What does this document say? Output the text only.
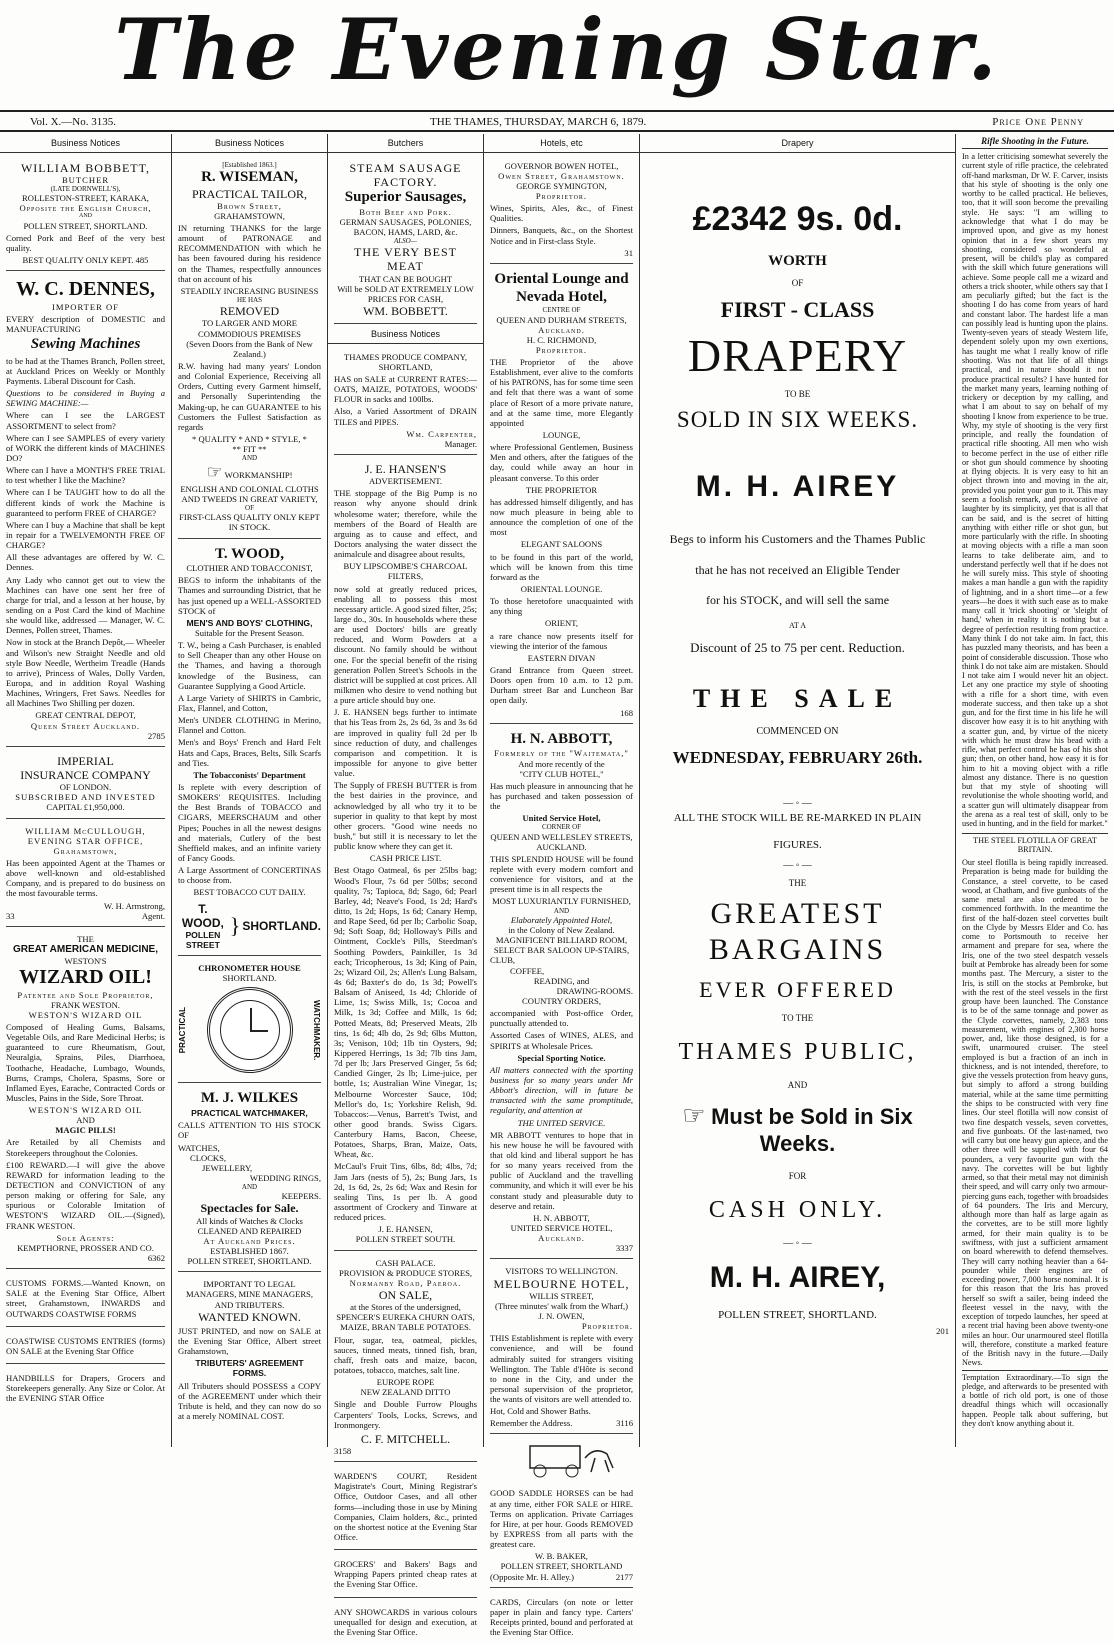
The Evening Star.
Vol. X.—No. 3135.	THE THAMES, THURSDAY, MARCH 6, 1879.	Price One Penny
Business Notices
WILLIAM BOBBETT,
BUTCHER
(LATE DORNWELL'S),
ROLLESTON-STREET, KARAKA,
Opposite the English Church,
AND
POLLEN STREET, SHORTLAND.

Corned Pork and Beef of the very best quality.

BEST QUALITY ONLY KEPT. 485
W. C. DENNES,
IMPORTER OF

EVERY description of DOMESTIC and MANUFACTURING

Sewing Machines

to be had at the Thames Branch, Pollen street, at Auckland Prices on Weekly or Monthly Payments. Liberal Discount for Cash.

Questions to be considered in Buying a SEWING MACHINE:—

Where can I see the LARGEST ASSORTMENT to select from?

Where can I see SAMPLES of every variety of WORK the different kinds of MACHINES DO?

Where can I have a MONTH'S FREE TRIAL to test whether I like the Machine?

Where can I be TAUGHT how to do all the different kinds of work the Machine is guaranteed to perform FREE of CHARGE?

Where can I buy a Machine that shall be kept in repair for a TWELVEMONTH FREE OF CHARGE?

All these advantages are offered by W. C. Dennes.

Any Lady who cannot get out to view the Machines can have one sent her free of charge for trial, and a lesson at her house, by sending on a Post Card the kind of Machine she would like, addressed — Manager, W. C. Dennes, Pollen street, Thames.

Now in stock at the Branch Depôt,— Wheeler and Wilson's new Straight Needle and old style Bow Needle, Wertheim Treadle (Hands to arrive), Princess of Wales, Dolly Varden, Europa, and in addition Royal Washing Machines, Wringers, Fret Saws. Needles for all Machines Two Shilling per dozen.

GREAT CENTRAL DEPOT,
Queen Street Auckland.
2785
IMPERIAL
INSURANCE COMPANY
OF LONDON.
SUBSCRIBED AND INVESTED
CAPITAL £1,950,000.
WILLIAM McCULLOUGH,
EVENING STAR OFFICE,
Grahamstown,

Has been appointed Agent at the Thames or above well-known and old-established Company, and is prepared to do business on the most favourable terms.

W. H. Armstrong,
33	Agent.
THE
GREAT AMERICAN MEDICINE,
WESTON'S
WIZARD OIL!
Patentee and Sole Proprietor,
FRANK WESTON.
WESTON'S WIZARD OIL

Composed of Healing Gums, Balsams, Vegetable Oils, and Rare Medicinal Herbs; is guaranteed to cure Rheumatism, Gout, Neuralgia, Sprains, Piles, Diarrhoea, Toothache, Headache, Lumbago, Wounds, Burns, Cramps, Cholera, Spasms, Sore or Inflamed Eyes, Earache, Contracted Cords or Muscles, Pains in the Side, Sore Throat.

WESTON'S WIZARD OIL
AND
MAGIC PILLS!

Are Retailed by all Chemists and Storekeepers throughout the Colonies.

£100 REWARD.—I will give the above REWARD for information leading to the DETECTION and CONVICTION of any person making or offering for Sale, any spurious or Colorable Imitation of WESTON'S WIZARD OIL.—(Signed), FRANK WESTON.

Sole Agents:
KEMPTHORNE, PROSSER AND CO.
6362

CUSTOMS FORMS.—Wanted Known, on SALE at the Evening Star Office, Albert street, Grahamstown, INWARDS and OUTWARDS COASTWISE FORMS

COASTWISE CUSTOMS ENTRIES (forms) ON SALE at the Evening Star Office

HANDBILLS for Drapers, Grocers and Storekeepers generally. Any Size or Color. At the EVENING STAR Office

Business Notices
[Established 1863.]
R. WISEMAN,
PRACTICAL TAILOR,
Brown Street,
GRAHAMSTOWN,

IN returning THANKS for the large amount of PATRONAGE and RECOMMENDATION with which he has been favoured during his residence on the Thames, respectfully announces that on account of his

STEADILY INCREASING BUSINESS
HE HAS
REMOVED
TO LARGER AND MORE COMMODIOUS PREMISES
(Seven Doors from the Bank of New Zealand.)

R.W. having had many years' London and Colonial Experience, Receiving all Orders, Cutting every Garment himself, and Personally Superintending the Making-up, he can GUARANTEE to his Customers the Fullest Satisfaction as regards

* QUALITY * AND * STYLE, *
** FIT **
AND
☞ WORKMANSHIP!
ENGLISH AND COLONIAL CLOTHS AND TWEEDS IN GREAT VARIETY,
OF
FIRST-CLASS QUALITY ONLY KEPT IN STOCK.
T. WOOD,
CLOTHIER AND TOBACCONIST,

BEGS to inform the inhabitants of the Thames and surrounding District, that he has just opened up a WELL-ASSORTED STOCK of

MEN'S AND BOYS' CLOTHING,
Suitable for the Present Season.

T. W., being a Cash Purchaser, is enabled to Sell Cheaper than any other House on the Thames, and having a thorough knowledge of the Business, can Guarantee Supplying a Good Article.

A Large Variety of SHIRTS in Cambric, Flax, Flannel, and Cotton,

Men's UNDER CLOTHING in Merino, Flannel and Cotton.

Men's and Boys' French and Hard Felt Hats and Caps, Braces, Belts, Silk Scarfs and Ties.

The Tobacconists' Department

Is replete with every description of SMOKERS' REQUISITES. Including the Best Brands of TOBACCO and CIGARS, MEERSCHAUM and other Pipes; Pouches in all the newest designs and materials, Cutlery of the best Sheffield makes, and an infinite variety of Fancy Goods.

A Large Assortment of CONCERTINAS to choose from.

BEST TOBACCO CUT DAILY.
T. WOOD,
POLLEN STREET
} SHORTLAND.
CHRONOMETER HOUSE
SHORTLAND.
PRACTICAL	WATCHMAKER.
M. J. WILKES
PRACTICAL WATCHMAKER,

CALLS ATTENTION TO HIS STOCK OF

WATCHES,
CLOCKS,
JEWELLERY,
WEDDING RINGS,
AND
KEEPERS.
Spectacles for Sale.
All kinds of Watches & Clocks
CLEANED AND REPAIRED
At Auckland Prices.
ESTABLISHED 1867.
POLLEN STREET, SHORTLAND.
IMPORTANT TO LEGAL MANAGERS, MINE MANAGERS, AND TRIBUTERS.
WANTED KNOWN.

JUST PRINTED, and now on SALE at the Evening Star Office, Albert street Grahamstown,

TRIBUTERS' AGREEMENT FORMS.

All Tributers should POSSESS a COPY of the AGREEMENT under which their Tribute is held, and they can now do so at a merely NOMINAL COST.

Butchers
STEAM SAUSAGE FACTORY.
Superior Sausages,
Both Beef and Pork.
GERMAN SAUSAGES, POLONIES,
BACON, HAMS, LARD, &c.
ALSO—
THE VERY BEST MEAT
THAT CAN BE BOUGHT
Will be SOLD AT EXTREMELY LOW
PRICES FOR CASH,
WM. BOBBETT.
Business Notices
THAMES PRODUCE COMPANY, SHORTLAND,

HAS on SALE at CURRENT RATES:— OATS, MAIZE, POTATOES, WOODS' FLOUR in sacks and 100lbs.

Also, a Varied Assortment of DRAIN TILES and PIPES.

Wm. Carpenter,
Manager.
J. E. HANSEN'S
ADVERTISEMENT.

THE stoppage of the Big Pump is no reason why anyone should drink wholesome water; therefore, while the members of the Board of Health are arguing as to cause and effect, and Doctors analysing the water dissect the animalcule and disagree about results,

BUY LIPSCOMBE'S CHARCOAL FILTERS,

now sold at greatly reduced prices, enabling all to possess this most necessary article. A good sized filter, 25s; large do., 30s. In households where these are used Doctors' bills are greatly reduced, and Worm Powders at a discount. No family should be without one. For the special benefit of the rising generation Pollen Street's Schools in the district will be supplied at cost prices. All milkmen who desire to vend nothing but a pure article should buy one.

J. E. HANSEN begs further to intimate that his Teas from 2s, 2s 6d, 3s and 3s 6d are improved in quality full 2d per lb since reduction of duty, and challenges comparison and competition. It is impossible for anyone to give better value.

The Supply of FRESH BUTTER is from the best dairies in the province, and acknowledged by all who try it to be superior in quality to that kept by most other grocers. "Good wine needs no bush," but still it is necessary to let the public know where they can get it.

CASH PRICE LIST.

Best Otago Oatmeal, 6s per 25lbs bag; Wood's Flour, 7s 6d per 50lbs; second quality, 7s; Tapioca, 8d; Sago, 6d; Pearl Barley, 4d; Neave's Food, 1s 2d; Hard's ditto, 1s 2d; Hops, 1s 6d; Canary Hemp, and Rape Seed, 6d per lb; Carbolic Soap, 9d; Soft Soap, 8d; Holloway's Pills and Ointment, Cockle's Pills, Steedman's Soothing Powders, Painkiller, 1s 3d each; Tricopherous, 1s 3d; King of Pain, 2s; Wizard Oil, 2s; Allen's Lung Balsam, 4s 6d; Baxter's do do, 1s 3d; Powell's Balsam of Aniseed, 1s 4d; Chloride of Lime, 1s; Swiss Milk, 1s; Cocoa and Milk, 1s 3d; Coffee and Milk, 1s 6d; Potted Meats, 8d; Preserved Meats, 2lb tins, 1s 6d; 4lb do, 2s 9d; 6lbs Mutton, 3s; Venison, 10d; 1lb tin Oysters, 9d; Kippered Herrings, 1s 3d; 7lb tins Jam, 7d per lb; Jars Preserved Ginger, 5s 6d; Candied Ginger, 2s lb; Lime-juice, per bottle, 1s; Australian Wine Vinegar, 1s; Melbourne Worcester Sauce, 10d; Mellor's do, 1s; Yorkshire Relish, 9d. Tobaccos:—Venus, Barrett's Twist, and other good brands. Swiss Cigars. Canterbury Hams, Bacon, Cheese, Potatoes, Sharps, Bran, Maize, Oats, Wheat, &c.

McCaul's Fruit Tins, 6lbs, 8d; 4lbs, 7d; Jam Jars (nests of 5), 2s; Bung Jars, 1s 2d, 1s 6d, 2s, 2s 6d; Wax and Resin for sealing Tins, 1s per lb. A good assortment of Crockery and Tinware at reduced prices.

J. E. HANSEN,
POLLEN STREET SOUTH.
CASH PALACE.
PROVISION & PRODUCE STORES,
Normanby Road, Paeroa.
ON SALE,
at the Stores of the undersigned,
SPENCER'S EUREKA CHURN OATS, MAIZE, BRAN TABLE POTATOES.

Flour, sugar, tea, oatmeal, pickles, sauces, tinned meats, tinned fish, bran, chaff, fresh oats and maize, bacon, potatoes, tobacco, matches, salt line.

EUROPE ROPE
NEW ZEALAND DITTO

Single and Double Furrow Ploughs Carpenters' Tools, Locks, Screws, and Ironmongery.

C. F. MITCHELL.
3158

WARDEN'S COURT, Resident Magistrate's Court, Mining Registrar's Office, Outdoor Cases, and all other forms—including those in use by Mining Companies, Claim holders, &c., printed on the shortest notice at the Evening Star Office.

GROCERS' and Bakers' Bags and Wrapping Papers printed cheap rates at the Evening Star Office.

ANY SHOWCARDS in various colours unequalled for design and execution, at the Evening Star Office.

Hotels, etc
GOVERNOR BOWEN HOTEL,
Owen Street, Grahamstown.
GEORGE SYMINGTON,
Proprietor.

Wines, Spirits, Ales, &c., of Finest Qualities.

Dinners, Banquets, &c., on the Shortest Notice and in First-class Style.

31
Oriental Lounge and
Nevada Hotel,
CENTRE OF
QUEEN AND DURHAM STREETS,
Auckland.
H. C. RICHMOND,
Proprietor.

THE Proprietor of the above Establishment, ever alive to the comforts of his PATRONS, has for some time seen and felt that there was a want of some place of Resort of a more private nature, and at the same time, more Elegantly appointed

LOUNGE,

where Professional Gentlemen, Business Men and others, after the fatigues of the day, could while away an hour in pleasant converse. To this order

THE PROPRIETOR

has addressed himself diligently, and has now much pleasure in being able to announce the completion of one of the most

ELEGANT SALOONS

to be found in this part of the world, which will be known from this time forward as the

ORIENTAL LOUNGE.

To those heretofore unacquainted with any thing

ORIENT,

a rare chance now presents itself for viewing the interior of the famous

EASTERN DIVAN

Grand Entrance from Queen street. Doors open from 10 a.m. to 12 p.m. Durham street Bar and Luncheon Bar open daily.

168
H. N. ABBOTT,
Formerly of the "Waitemata,"
And more recently of the
"CITY CLUB HOTEL,"

Has much pleasure in announcing that he has purchased and taken possession of the

United Service Hotel,
CORNER OF
QUEEN AND WELLESLEY STREETS,
AUCKLAND.

THIS SPLENDID HOUSE will be found replete with every modern comfort and convenience for visitors, and at the present time is in all respects the

MOST LUXURIANTLY FURNISHED,
AND
Elaborately Appointed Hotel,
in the Colony of New Zealand.
MAGNIFICENT BILLIARD ROOM,
SELECT BAR SALOON UP-STAIRS,
CLUB,
COFFEE,
READING, and
DRAWING-ROOMS.
COUNTRY ORDERS,

accompanied with Post-office Order, punctually attended to.

Assorted Cases of WINES, ALES, and SPIRITS at Wholesale Prices.

Special Sporting Notice.

All matters connected with the sporting business for so many years under Mr Abbott's direction, will in future be transacted with the same promptitude, regularity, and attention at

THE UNITED SERVICE.

MR ABBOTT ventures to hope that in his new house he will be favoured with that old kind and liberal support he has for so many years received from the public of Auckland and the travelling community, and which it will ever be his constant study and pleasurable duty to deserve and retain.

H. N. ABBOTT,
UNITED SERVICE HOTEL,
Auckland.
3337
VISITORS TO WELLINGTON.
MELBOURNE HOTEL,
WILLIS STREET,
(Three minutes' walk from the Wharf,)
J. N. OWEN,
Proprietor.

THIS Establishment is replete with every convenience, and will be found admirably suited for strangers visiting Wellington. The Table d'Hôte is second to none in the City, and under the personal supervision of the proprietor, the wants of visitors are well attended to.

Hot, Cold and Shower Baths.

Remember the Address.	3116

GOOD SADDLE HORSES can be had at any time, either FOR SALE or HIRE. Terms on application. Private Carriages for Hire, at per hour. Goods REMOVED by EXPRESS from all parts with the greatest care.

W. B. BAKER,
POLLEN STREET, SHORTLAND
(Opposite Mr. H. Alley.)	2177

CARDS, Circulars (on note or letter paper in plain and fancy type. Carters' Receipts printed, bound and perforated at the Evening Star Office.

Drapery
£2342 9s. 0d.
WORTH
OF
FIRST - CLASS
DRAPERY
TO BE
SOLD IN SIX WEEKS.
M. H. AIREY
Begs to inform his Customers and the Thames Public
that he has not received an Eligible Tender
for his STOCK, and will sell the same
AT A
Discount of 25 to 75 per cent. Reduction.
THE SALE
COMMENCED ON
WEDNESDAY, FEBRUARY 26th.
— ◦ —
ALL THE STOCK WILL BE RE-MARKED IN PLAIN
FIGURES.
— ◦ —
THE
GREATEST BARGAINS
EVER OFFERED
TO THE
THAMES PUBLIC,
AND
☞ Must be Sold in Six Weeks.
FOR
CASH ONLY.
— ◦ —
M. H. AIREY,
POLLEN STREET, SHORTLAND.
201
Rifle Shooting in the Future.

In a letter criticising somewhat severely the current style of rifle practice, the celebrated off-hand marksman, Dr W. F. Carver, insists that his style of shooting is the only one worthy to be called practical. He believes, too, that it will soon become the prevailing style. He says: "I am willing to acknowledge that what I do may be improved upon, and give as my honest opinion that in a few short years my shooting, considered so wonderful at present, will be child's play as compared with the skill which future generations will achieve. Some people call me a wizard and others a trick shooter, while others say that I am peculiarly gifted; but the fact is the shooting I do has come from years of hard and constant labor. The hardest life a man can possibly lead is hunting upon the plains. Twenty-seven years of steady Western life, dependent solely upon my own exertions, has taught me what I really know of rifle shooting. Was not that life of all things practical, and in nature should it not produce practical results? I have hunted for the market many years, learning nothing of trickery or deception by my calling, and what I am about to say on behalf of my shooting I know from experience to be true. Why, my style of shooting is the very first principle, and really the foundation of practical rifle shooting. All men who wish to become perfect in the use of either rifle or shot gun should commence by shooting at flying objects. It is very easy to hit an object thrown into and moving in the air, provided you point your gun to it. This may seem a foolish remark, and provocative of laughter by its simplicity, yet that is all that can be said, and is the secret of hitting anything with either rifle or shot gun, but more particularly with the rifle. In shooting at moving objects with a rifle a man soon learns to take deliberate aim, and to understand perfectly well that if he does not he will surely miss. This style of shooting makes a man handle a gun with the rapidity of lightning, and in a short time—or a few years—he does it with such ease as to make many call it 'trick shooting' or 'sleight of hand,' when in reality it is nothing but a degree of perfection resulting from practice. Many think I do not take aim. In fact, this has puzzled many theorists, and has been a point of considerable discussion. Those who think I do not take aim are mistaken. Should I not take aim I would never hit an object. Let any one practice my style of shooting with a rifle for a short time, with even moderate success, and then take up a shot gun, and for the first time in his life he will discover how easy it is to hit anything with a scatter gun, and, by virtue of the nicety with which he must draw his bead with a rifle, what perfect control he has of his shot gun; then, on other hand, how easy it is for him to hit a moving object with a rifle almost any distance. There is no question but that my style of shooting will revolutionise the whole shooting world, and a scatter gun will ultimately disappear from the arena as a real test of skill, only to be used in hunting, and in the field for market."

THE STEEL FLOTILLA OF GREAT BRITAIN.

Our steel flotilla is being rapidly increased. Preparation is being made for building the Constance, a steel corvette, to be cased wood, at Chatham, and five gunboats of the same metal are also ordered to be commenced forthwith. In the meantime the first of the half-dozen steel corvettes built on the Clyde by Messrs Elder and Co. has come to Portsmouth to receive her armament and prepare for sea, where the Iris, one of the two steel despatch vessels built at Pembroke has already been for some months past. The Mercury, a sister to the Iris, is still on the stocks at Pembroke, but with the rest of the steel vessels in the first group have been launched. The Constance is to be of the same tonnage and power as the Clyde corvettes, namely, 2,383 tons measurement, with engines of 2,300 horse power, and, like those designed, is for a swift, unarmoured cruiser. The steel employed is but a fraction of an inch in thickness, and is not intended, therefore, to give the vessels protection from heavy guns, but simply to afford a strong building material, while at the same time permitting the ships to be constructed with very fine lines. Our steel flotilla will now consist of two fine despatch vessels, seven corvettes, and five gunboats. Of the last-named, two will carry but one heavy gun apiece, and the other three will be supplied with four 64 pounders, a very favourite gun with the navy. The corvettes will be but lightly armed, so that their metal may not diminish their speed, and will carry only two armour-piercing guns each, together with broadsides of 64 pounders. The Iris and Mercury, although more than half as large again as the corvettes, are to be still more lightly armed, for their main quality is to be swiftness, with just a sufficient armament on board wherewith to defend themselves. They will carry nothing heavier than a 64-pounder while their engines are of exceeding power, 7,000 horse nominal. It is for this reason that the Iris has proved herself so swift a sailer, being indeed the fleetest vessel in the navy, with the exception of torpedo launches, her speed at a recent trial having been above twenty-one miles an hour. Our unarmoured steel flotilla will, therefore, constitute a marked feature of the British navy in the future.—Daily News.

Temptation Extraordinary.—To sign the pledge, and afterwards to be presented with a bottle of rich old port, is one of those dreadful things which will occasionally happen. People talk about suffering, but they don't know anything about it.
